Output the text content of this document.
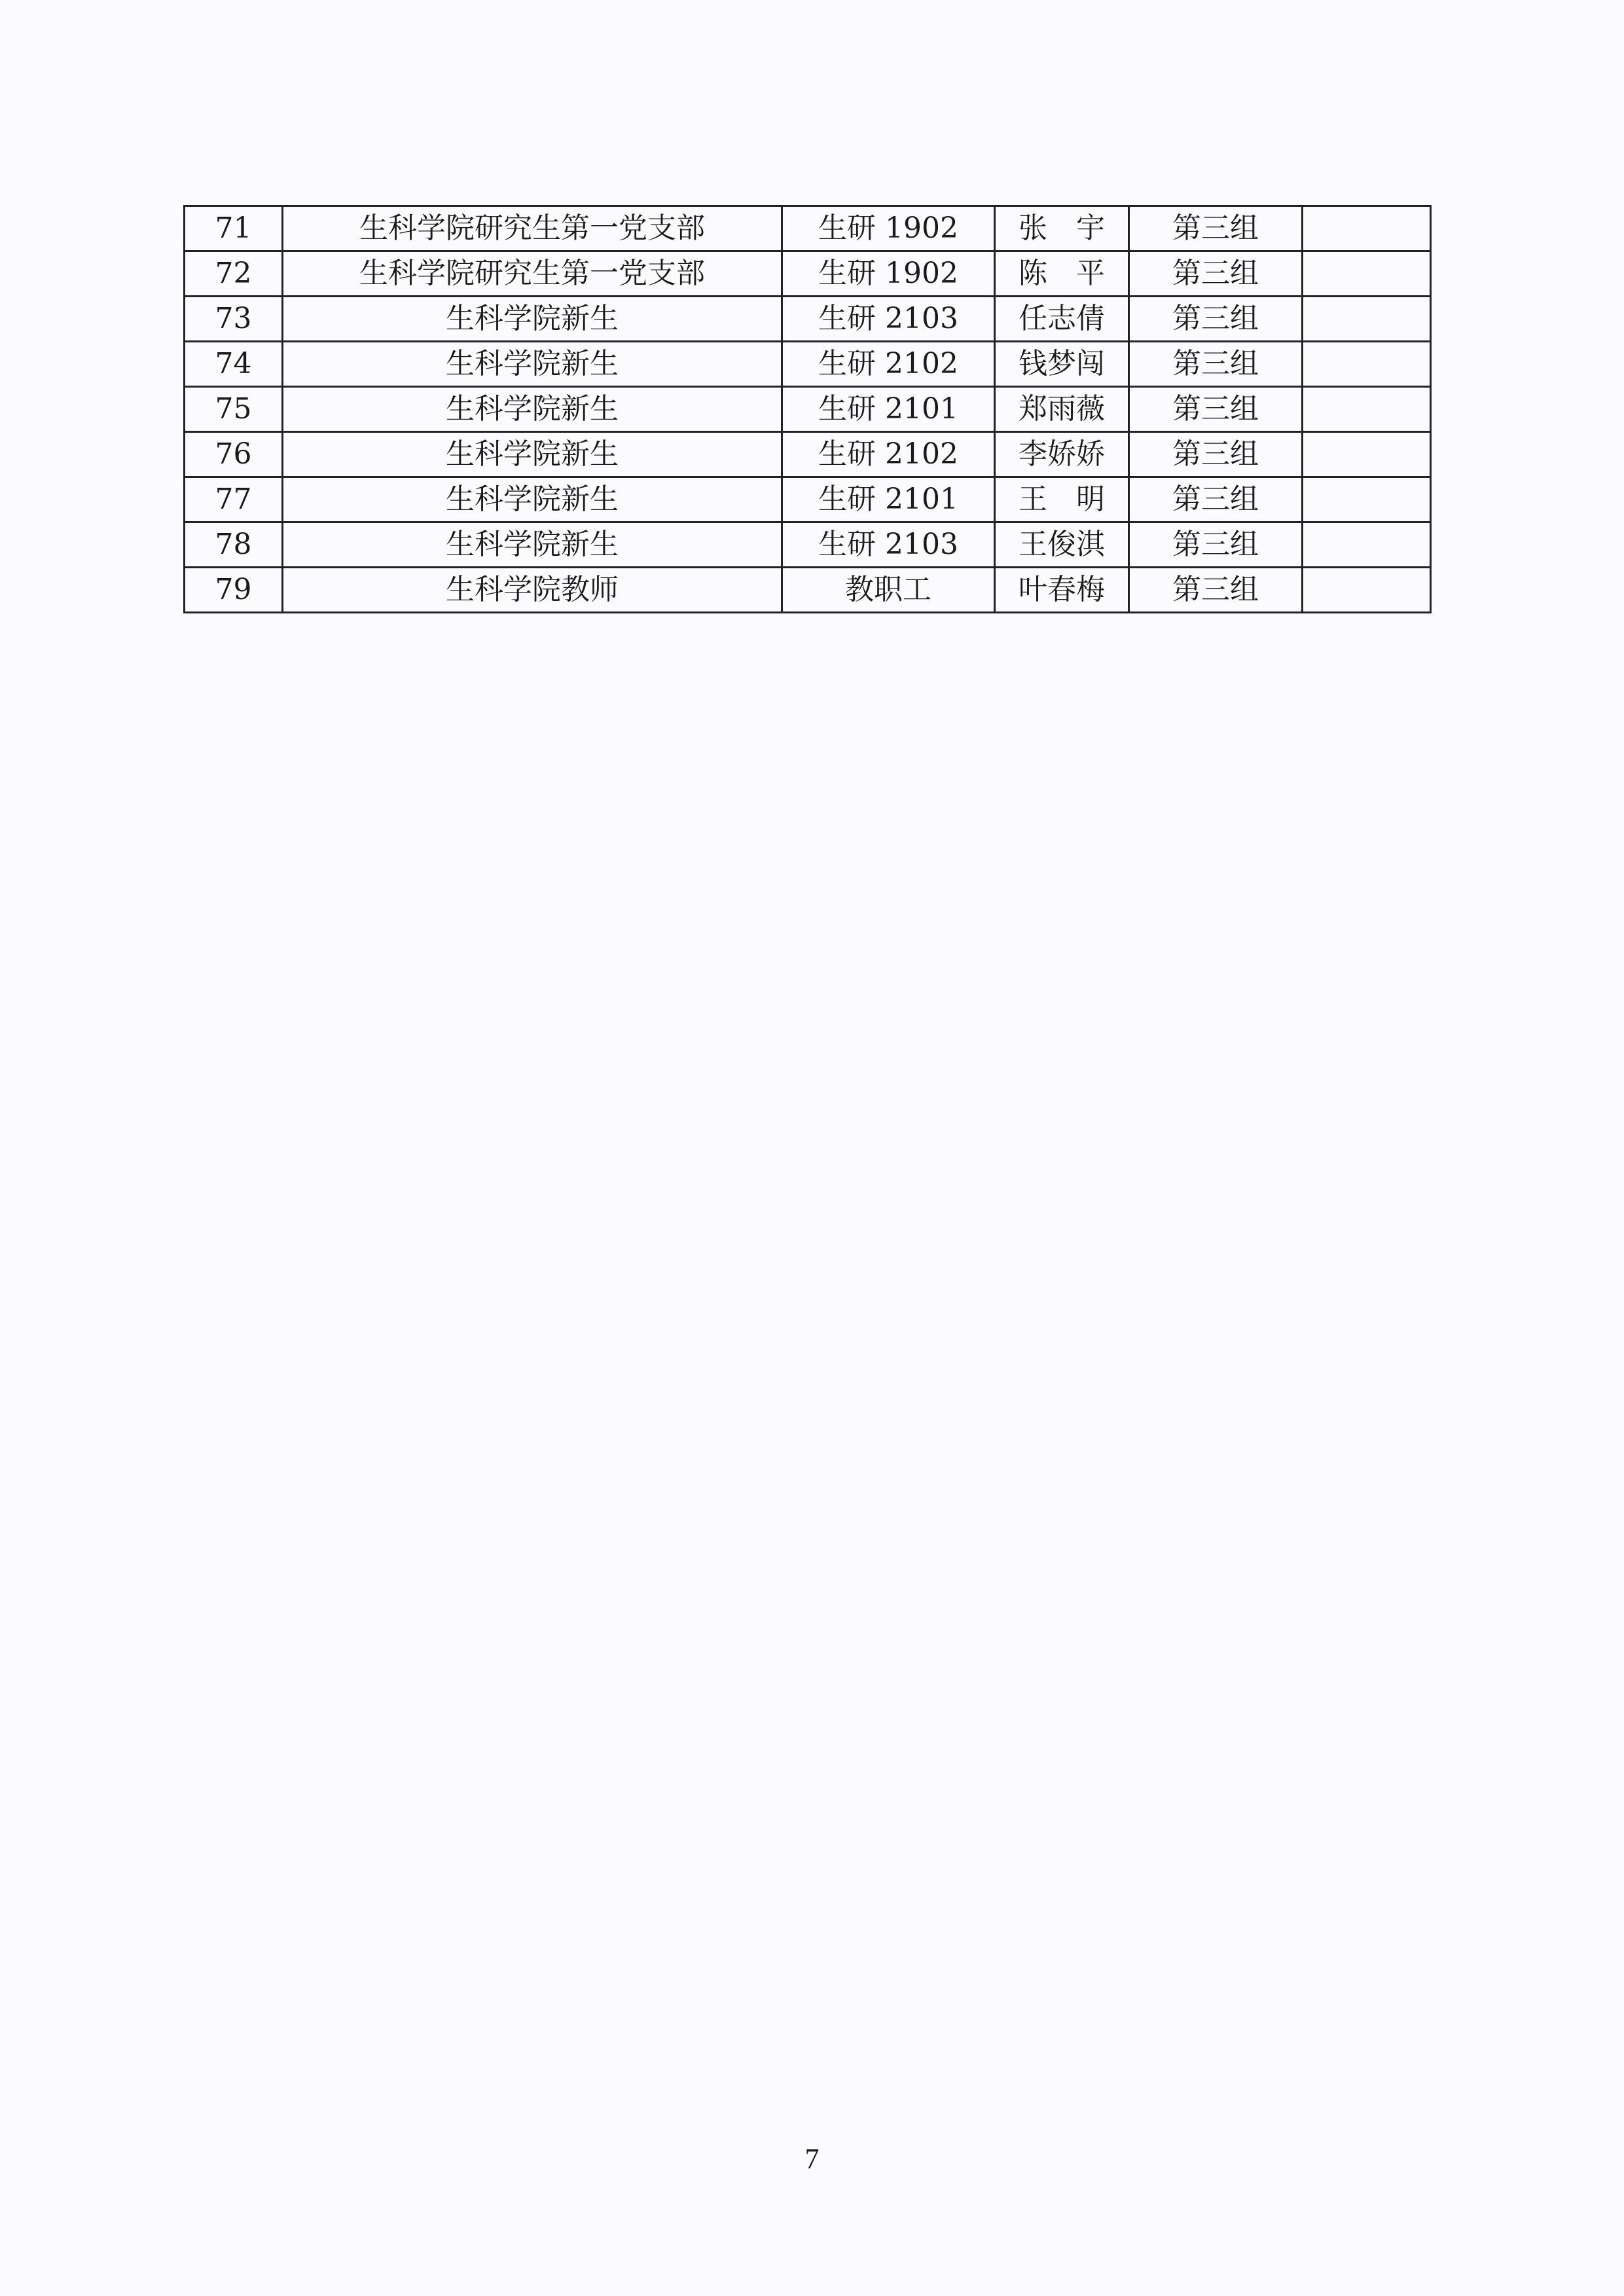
71	生科学院研究生第一党支部	生研 1902	张　宇	第三组	
72	生科学院研究生第一党支部	生研 1902	陈　平	第三组	
73	生科学院新生	生研 2103	任志倩	第三组	
74	生科学院新生	生研 2102	钱梦闯	第三组	
75	生科学院新生	生研 2101	郑雨薇	第三组	
76	生科学院新生	生研 2102	李娇娇	第三组	
77	生科学院新生	生研 2101	王　明	第三组	
78	生科学院新生	生研 2103	王俊淇	第三组	
79	生科学院教师	教职工	叶春梅	第三组	
7
